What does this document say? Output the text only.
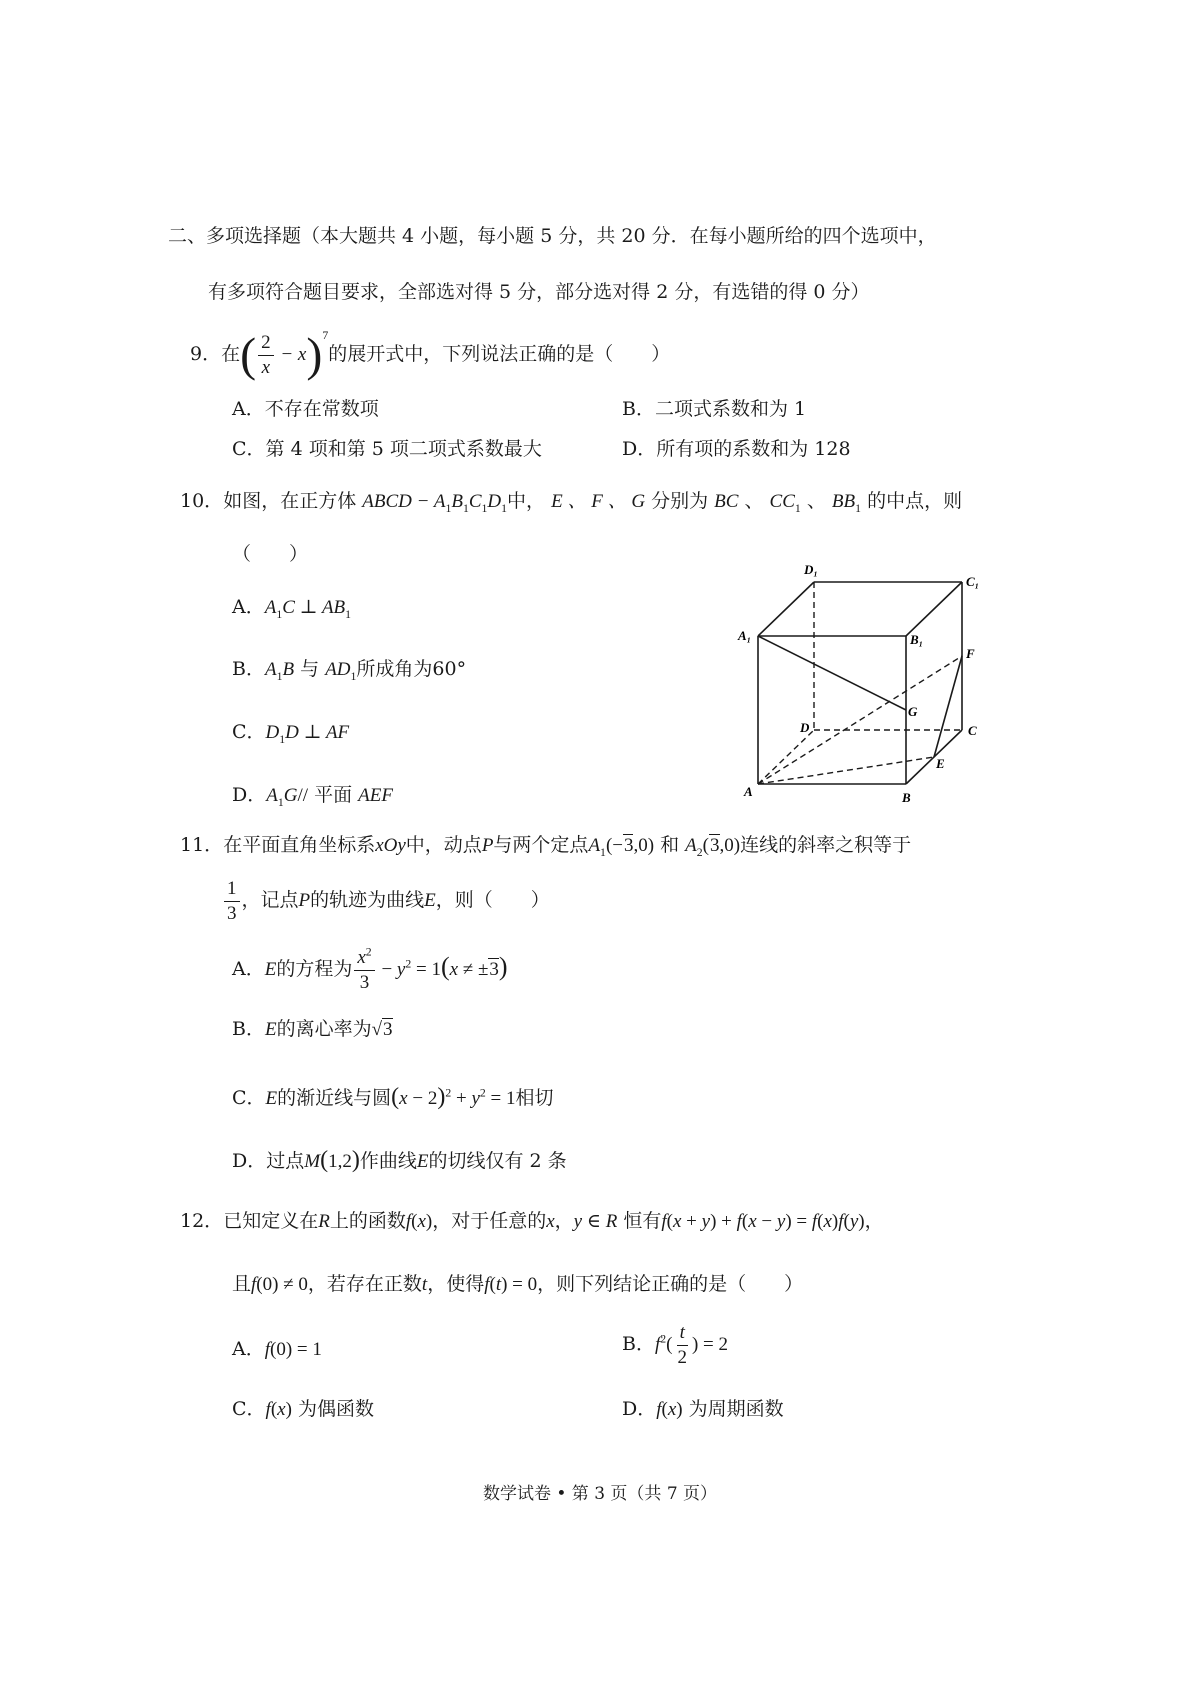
二、多项选择题（本大题共 4 小题，每小题 5 分，共 20 分．在每小题所给的四个选项中，
有多项符合题目要求，全部选对得 5 分，部分选对得 2 分，有选错的得 0 分）
9．在( $\frac{2}{x} - x)^7$的展开式中，下列说法正确的是（　　）
A．不存在常数项	B．二项式系数和为 1
C．第 4 项和第 5 项二项式系数最大	D．所有项的系数和为 128
10．如图，在正方体 ABCD − $A_1B_1C_1D_1$中， E 、 F 、 G 分别为 BC 、 $CC_1$ 、 $BB_1$ 的中点，则
（　　）
A．$A_1C$ ⊥ $AB_1$
B．$A_1B$ 与 $AD_1$所成角为60°
C．$D_1D$ ⊥ AF
D．$A_1G//$ 平面 AEF	A	B
C
D
A₁	B₁
C₁
D₁
E
F
G
11．在平面直角坐标系xOy中，动点P与两个定点$A_1(-3,0)$ 和 $A_2(3,0)$连线的斜率之积等于
$\frac{1}{3}$ ，记点P的轨迹为曲线E，则（　　）
A．E的方程为 $\frac{x^2}{3} - y^2 = 1(x \ne \pm 3)$
B．E的离心率为√3
C．E的渐近线与圆$(x - 2)^2 + y^2 = 1$相切
D．过点M(1,2)作曲线E的切线仅有 2 条
12．已知定义在R上的函数f(x)，对于任意的x，y ∈ R 恒有f(x + y) + f(x − y) = f(x)f(y)，
且f(0) ≠ 0，若存在正数t，使得f(t) = 0，则下列结论正确的是（　　）
A．f(0) = 1	B．$f^2( \frac{t}{2}$ ) = 2
C．f(x) 为偶函数	D．f(x) 为周期函数
数学试卷 • 第 3 页（共 7 页）
